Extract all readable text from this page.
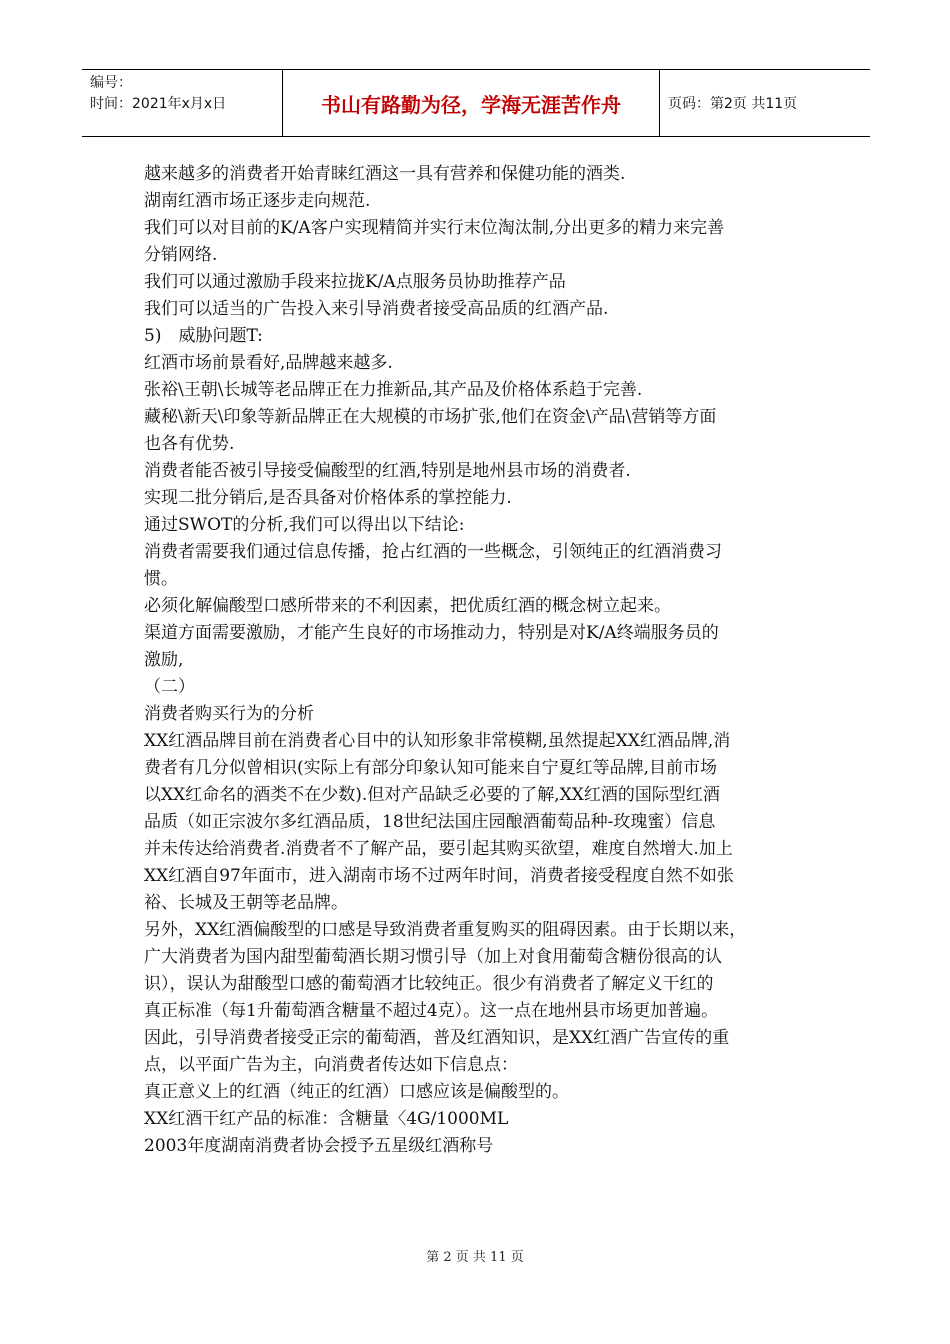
编号：
时间：2021年x月x日	书山有路勤为径，学海无涯苦作舟	页码：第2页 共11页
越来越多的消费者开始青睐红酒这一具有营养和保健功能的酒类.
湖南红酒市场正逐步走向规范.
我们可以对目前的K/A客户实现精简并实行末位淘汰制,分出更多的精力来完善
分销网络.
我们可以通过激励手段来拉拢K/A点服务员协助推荐产品
我们可以适当的广告投入来引导消费者接受高品质的红酒产品.
5)　威胁问题T:
红酒市场前景看好,品牌越来越多.
张裕\王朝\长城等老品牌正在力推新品,其产品及价格体系趋于完善.
藏秘\新天\印象等新品牌正在大规模的市场扩张,他们在资金\产品\营销等方面
也各有优势.
消费者能否被引导接受偏酸型的红酒,特别是地州县市场的消费者.
实现二批分销后,是否具备对价格体系的掌控能力.
通过SWOT的分析,我们可以得出以下结论:
消费者需要我们通过信息传播，抢占红酒的一些概念，引领纯正的红酒消费习
惯。
必须化解偏酸型口感所带来的不利因素，把优质红酒的概念树立起来。
渠道方面需要激励，才能产生良好的市场推动力，特别是对K/A终端服务员的
激励,
（二）
消费者购买行为的分析
XX红酒品牌目前在消费者心目中的认知形象非常模糊,虽然提起XX红酒品牌,消
费者有几分似曾相识(实际上有部分印象认知可能来自宁夏红等品牌,目前市场
以XX红命名的酒类不在少数).但对产品缺乏必要的了解,XX红酒的国际型红酒
品质（如正宗波尔多红酒品质，18世纪法国庄园酿酒葡萄品种-玫瑰蜜）信息
并未传达给消费者.消费者不了解产品，要引起其购买欲望，难度自然增大.加上
XX红酒自97年面市，进入湖南市场不过两年时间，消费者接受程度自然不如张
裕、长城及王朝等老品牌。
另外，XX红酒偏酸型的口感是导致消费者重复购买的阻碍因素。由于长期以来，
广大消费者为国内甜型葡萄酒长期习惯引导（加上对食用葡萄含糖份很高的认
识），误认为甜酸型口感的葡萄酒才比较纯正。很少有消费者了解定义干红的
真正标准（每1升葡萄酒含糖量不超过4克）。这一点在地州县市场更加普遍。
因此，引导消费者接受正宗的葡萄酒，普及红酒知识，是XX红酒广告宣传的重
点，以平面广告为主，向消费者传达如下信息点：
真正意义上的红酒（纯正的红酒）口感应该是偏酸型的。
XX红酒干红产品的标准：含糖量〈4G/1000ML
2003年度湖南消费者协会授予五星级红酒称号
第 2 页 共 11 页
